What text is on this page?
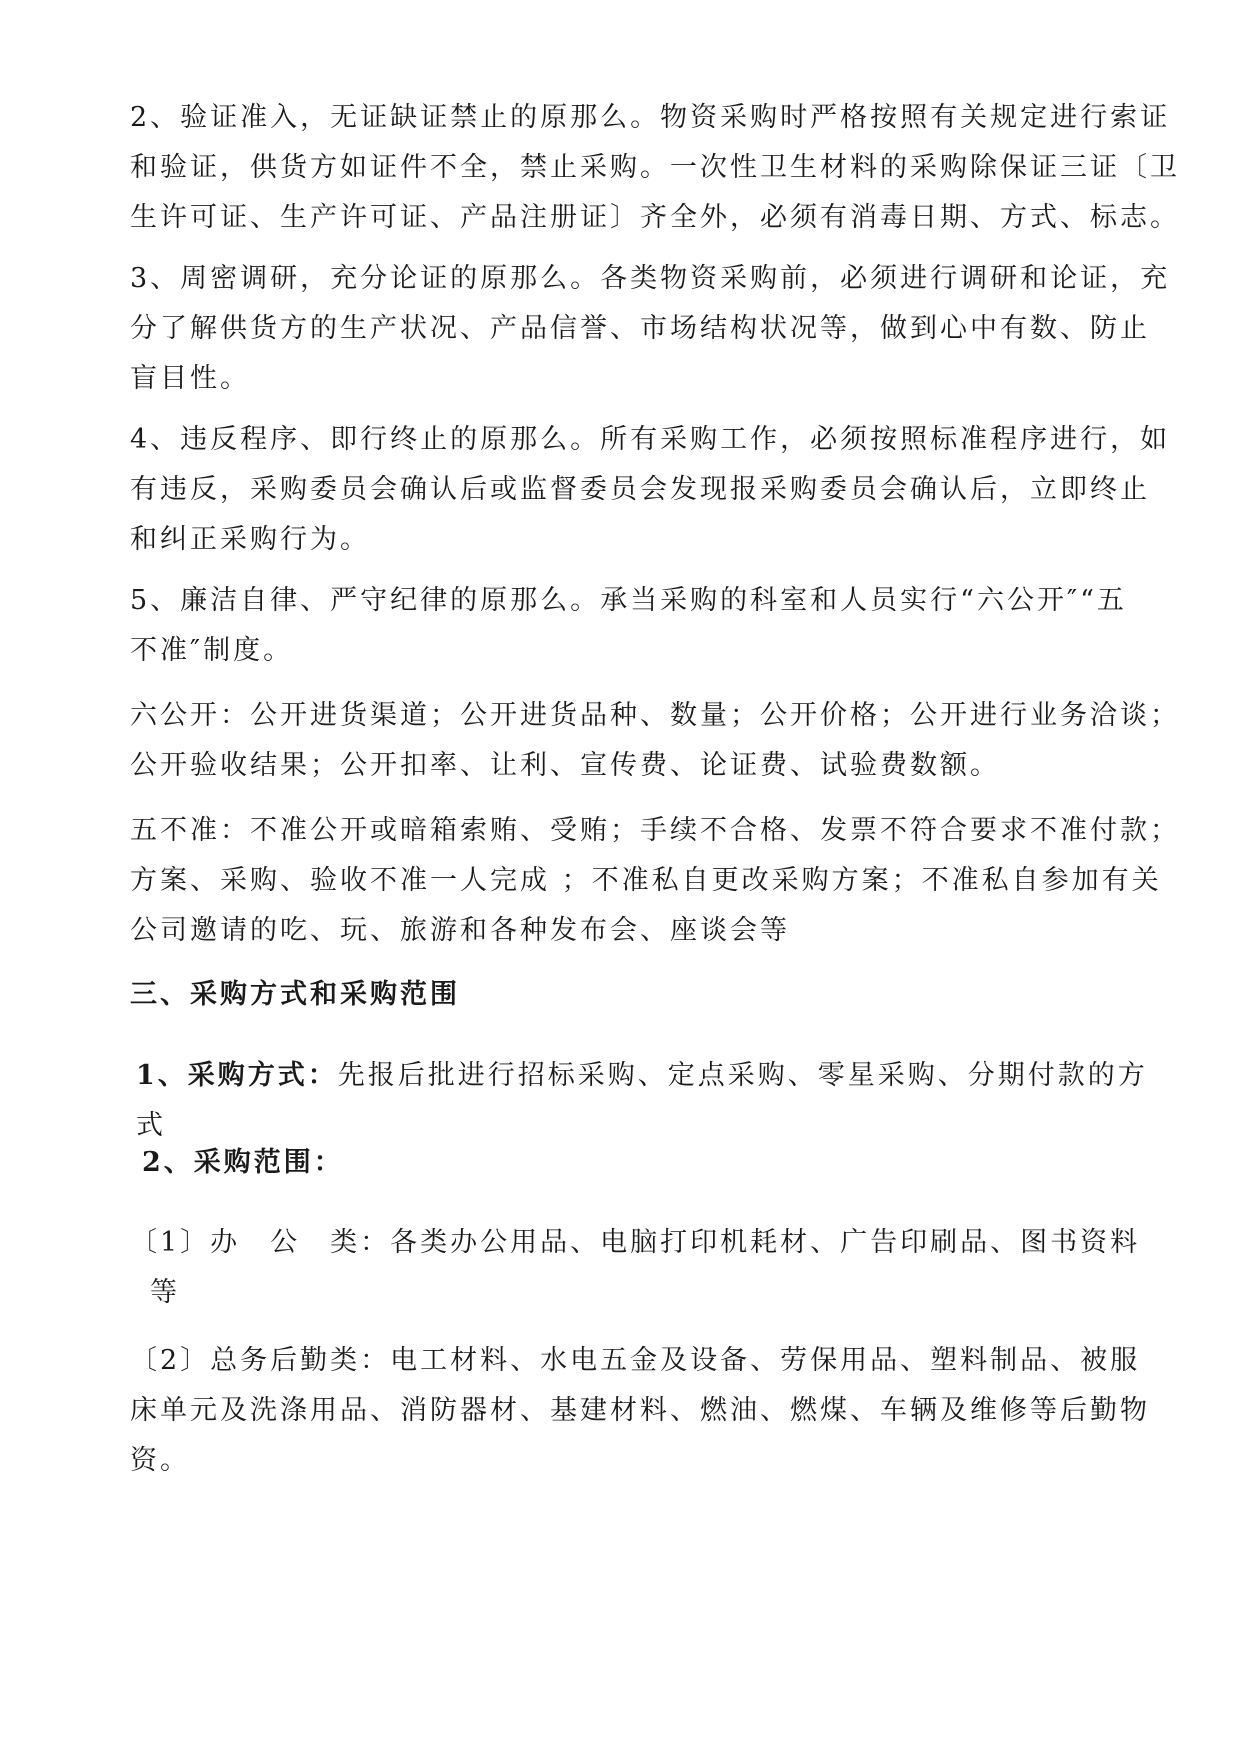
2、验证准入，无证缺证禁止的原那么。物资采购时严格按照有关规定进行索证
和验证，供货方如证件不全，禁止采购。一次性卫生材料的采购除保证三证〔卫
生许可证、生产许可证、产品注册证〕齐全外，必须有消毒日期、方式、标志。

3、周密调研，充分论证的原那么。各类物资采购前，必须进行调研和论证，充
分了解供货方的生产状况、产品信誉、市场结构状况等，做到心中有数、防止
盲目性。

4、违反程序、即行终止的原那么。所有采购工作，必须按照标准程序进行，如
有违反，采购委员会确认后或监督委员会发现报采购委员会确认后，立即终止
和纠正采购行为。

5、廉洁自律、严守纪律的原那么。承当采购的科室和人员实行“六公开″“五
不准″制度。

六公开：公开进货渠道；公开进货品种、数量；公开价格；公开进行业务洽谈；
公开验收结果；公开扣率、让利、宣传费、论证费、试验费数额。

五不准：不准公开或暗箱索贿、受贿；手续不合格、发票不符合要求不准付款；
方案、采购、验收不准一人完成 ；不准私自更改采购方案；不准私自参加有关
公司邀请的吃、玩、旅游和各种发布会、座谈会等

三、采购方式和采购范围

1、采购方式：先报后批进行招标采购、定点采购、零星采购、分期付款的方
式

2、采购范围：

〔1〕办　公　类：各类办公用品、电脑打印机耗材、广告印刷品、图书资料
等

〔2〕总务后勤类：电工材料、水电五金及设备、劳保用品、塑料制品、被服
床单元及洗涤用品、消防器材、基建材料、燃油、燃煤、车辆及维修等后勤物
资。
